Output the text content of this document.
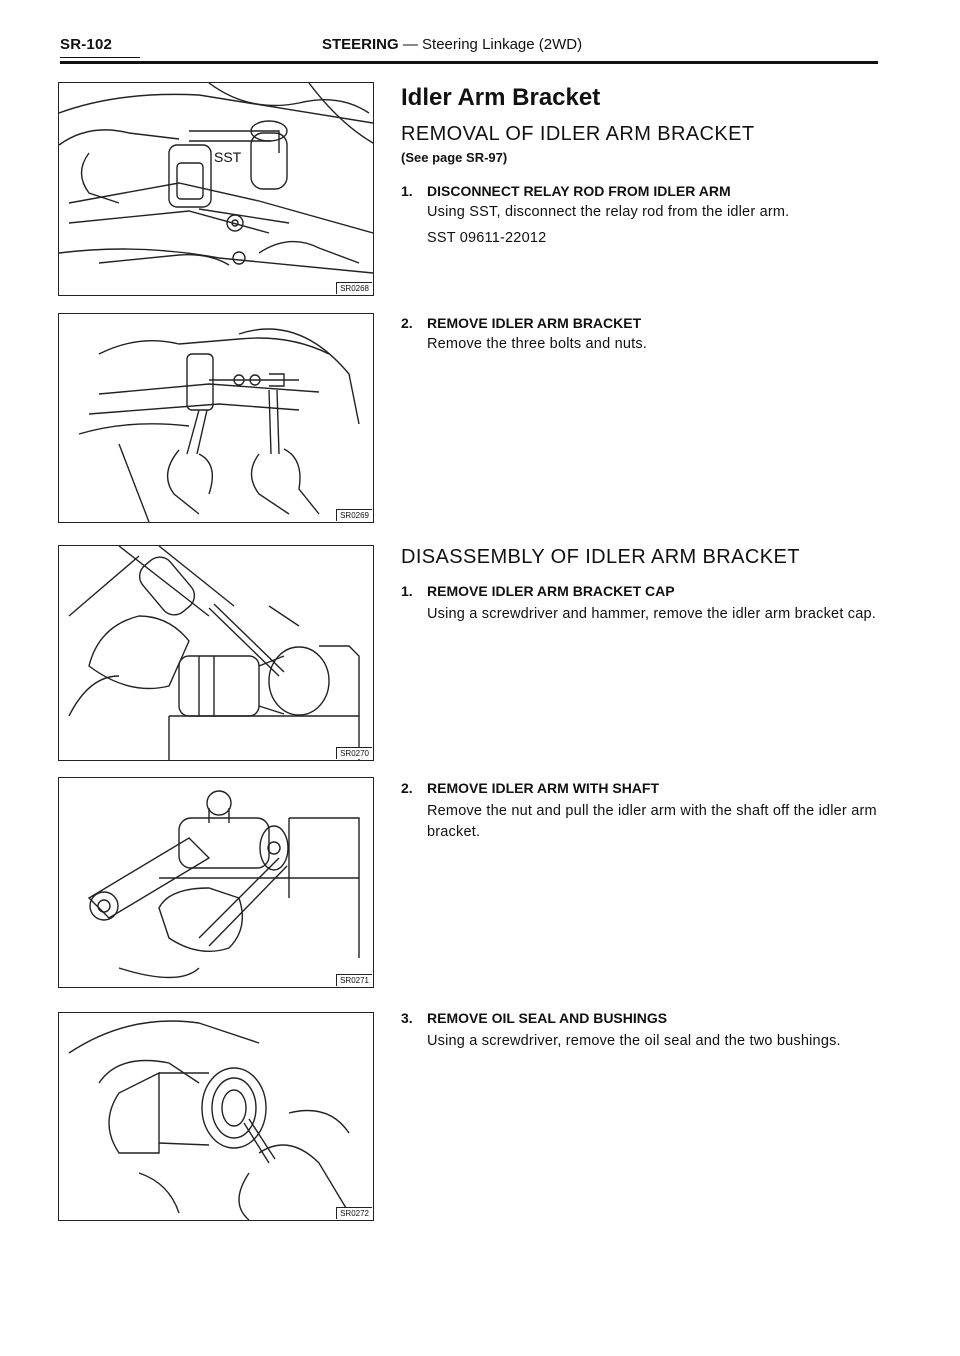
SR-102	STEERING — Steering Linkage (2WD)
SST
SR0268
SR0269
SR0270
SR0271
SR0272
Idler Arm Bracket
REMOVAL OF IDLER ARM BRACKET

(See page SR-97)

1. DISCONNECT RELAY ROD FROM IDLER ARM

Using SST, disconnect the relay rod from the idler arm.

SST 09611-22012

2. REMOVE IDLER ARM BRACKET

Remove the three bolts and nuts.

DISASSEMBLY OF IDLER ARM BRACKET

1. REMOVE IDLER ARM BRACKET CAP

Using a screwdriver and hammer, remove the idler arm bracket cap.

2. REMOVE IDLER ARM WITH SHAFT

Remove the nut and pull the idler arm with the shaft off the idler arm bracket.

3. REMOVE OIL SEAL AND BUSHINGS

Using a screwdriver, remove the oil seal and the two bushings.
